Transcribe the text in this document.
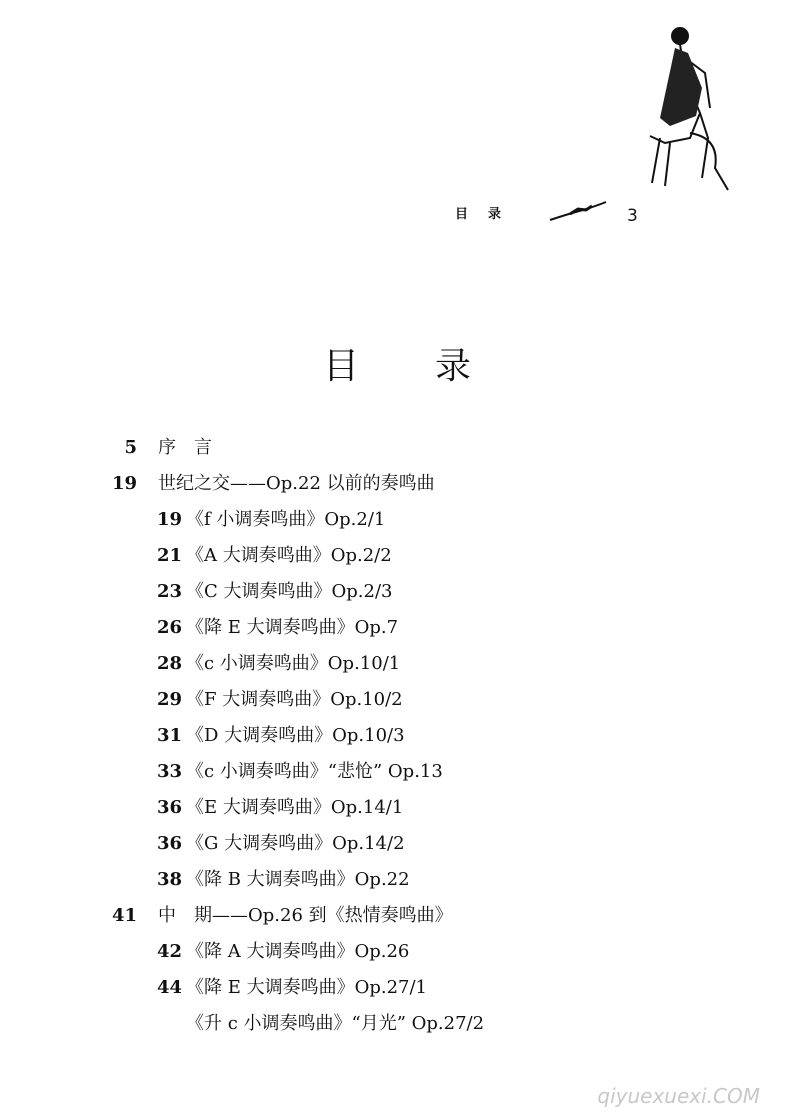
目 录	3
目 录
5 序　言
19 世纪之交——Op.22 以前的奏鸣曲
19 《f 小调奏鸣曲》Op.2/1
21 《A 大调奏鸣曲》Op.2/2
23 《C 大调奏鸣曲》Op.2/3
26 《降 E 大调奏鸣曲》Op.7
28 《c 小调奏鸣曲》Op.10/1
29 《F 大调奏鸣曲》Op.10/2
31 《D 大调奏鸣曲》Op.10/3
33 《c 小调奏鸣曲》“悲怆” Op.13
36 《E 大调奏鸣曲》Op.14/1
36 《G 大调奏鸣曲》Op.14/2
38 《降 B 大调奏鸣曲》Op.22
41 中　期——Op.26 到《热情奏鸣曲》
42 《降 A 大调奏鸣曲》Op.26
44 《降 E 大调奏鸣曲》Op.27/1
《升 c 小调奏鸣曲》“月光” Op.27/2
qiyuexuexi.COM
